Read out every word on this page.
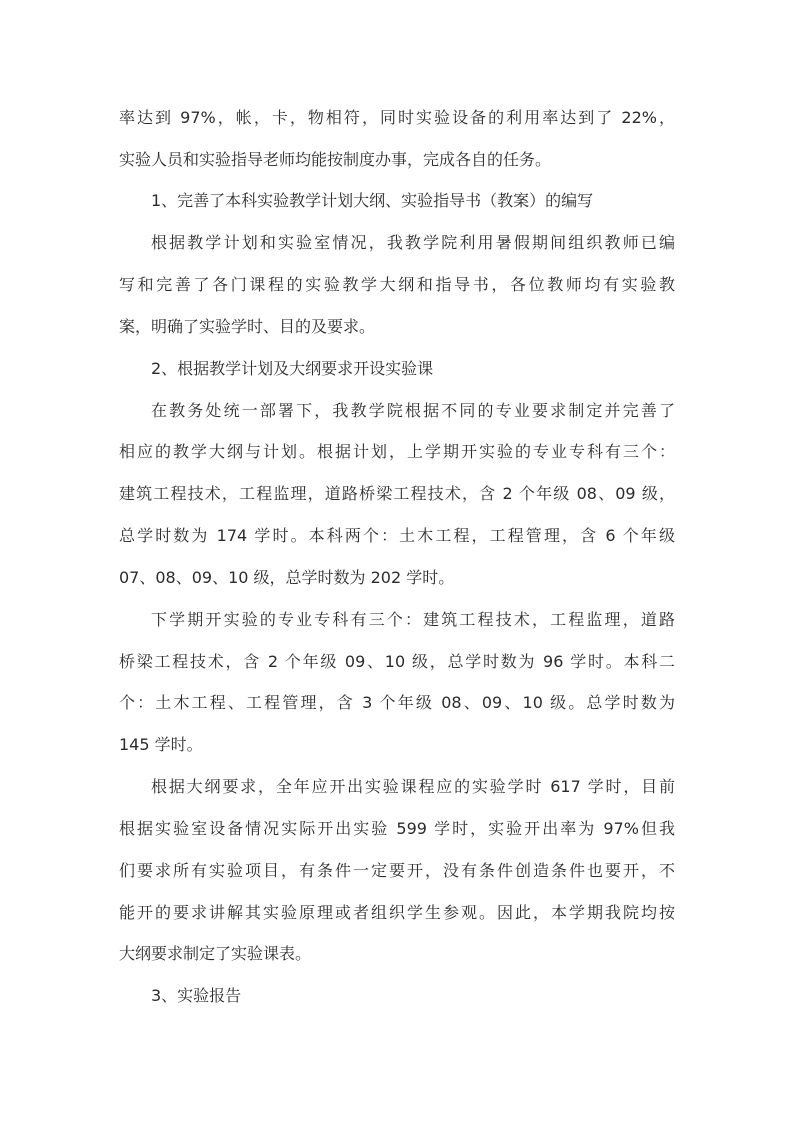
率达到 97%，帐，卡，物相符，同时实验设备的利用率达到了 22%，

实验人员和实验指导老师均能按制度办事，完成各自的任务。

1、完善了本科实验教学计划大纲、实验指导书（教案）的编写

根据教学计划和实验室情况，我教学院利用暑假期间组织教师已编

写和完善了各门课程的实验教学大纲和指导书，各位教师均有实验教

案，明确了实验学时、目的及要求。

2、根据教学计划及大纲要求开设实验课

在教务处统一部署下，我教学院根据不同的专业要求制定并完善了

相应的教学大纲与计划。根据计划，上学期开实验的专业专科有三个：

建筑工程技术，工程监理，道路桥梁工程技术，含 2 个年级 08、09 级，

总学时数为 174 学时。本科两个：土木工程，工程管理，含 6 个年级

07、08、09、10 级，总学时数为 202 学时。

下学期开实验的专业专科有三个：建筑工程技术，工程监理，道路

桥梁工程技术，含 2 个年级 09、10 级，总学时数为 96 学时。本科二

个：土木工程、工程管理，含 3 个年级 08、09、10 级。总学时数为

145 学时。

根据大纲要求，全年应开出实验课程应的实验学时 617 学时，目前

根据实验室设备情况实际开出实验 599 学时，实验开出率为 97%但我

们要求所有实验项目，有条件一定要开，没有条件创造条件也要开，不

能开的要求讲解其实验原理或者组织学生参观。因此，本学期我院均按

大纲要求制定了实验课表。

3、实验报告
